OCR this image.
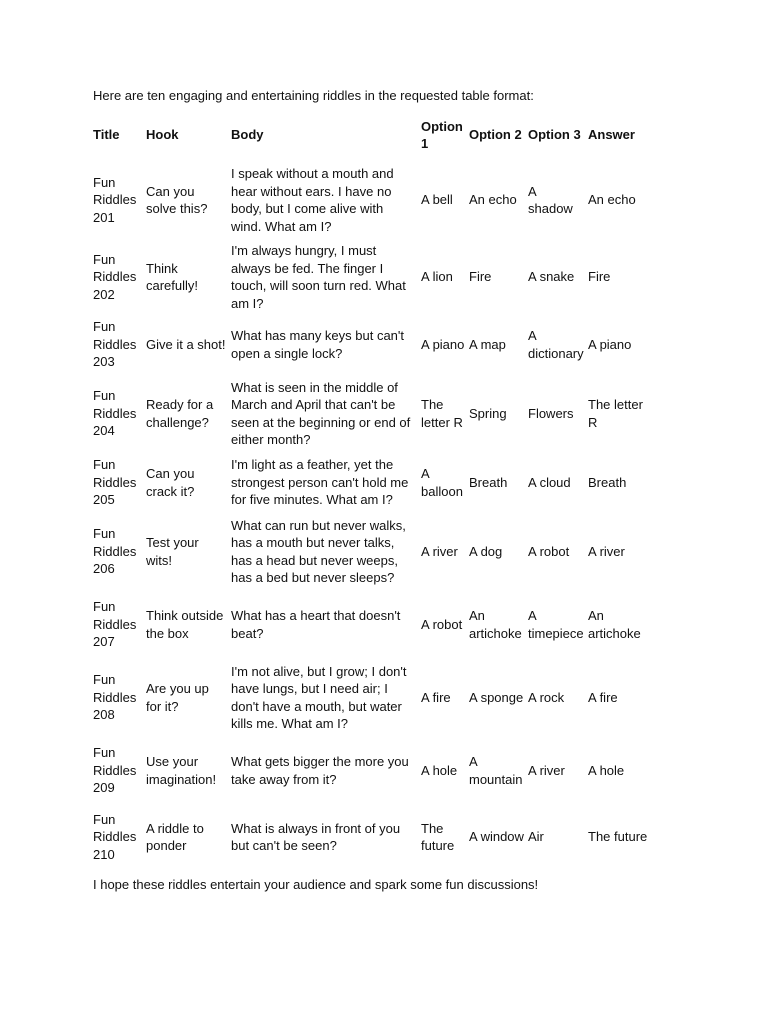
Here are ten engaging and entertaining riddles in the requested table format:

Title	Hook	Body	Option 1	Option 2	Option 3	Answer
Fun Riddles 201	Can you solve this?	I speak without a mouth and hear without ears. I have no body, but I come alive with wind. What am I?	A bell	An echo	A shadow	An echo
Fun Riddles 202	Think carefully!	I'm always hungry, I must always be fed. The finger I touch, will soon turn red. What am I?	A lion	Fire	A snake	Fire
Fun Riddles 203	Give it a shot!	What has many keys but can't open a single lock?	A piano	A map	A dictionary	A piano
Fun Riddles 204	Ready for a challenge?	What is seen in the middle of March and April that can't be seen at the beginning or end of either month?	The letter R	Spring	Flowers	The letter R
Fun Riddles 205	Can you crack it?	I'm light as a feather, yet the strongest person can't hold me for five minutes. What am I?	A balloon	Breath	A cloud	Breath
Fun Riddles 206	Test your wits!	What can run but never walks, has a mouth but never talks, has a head but never weeps, has a bed but never sleeps?	A river	A dog	A robot	A river
Fun Riddles 207	Think outside the box	What has a heart that doesn't beat?	A robot	An artichoke	A timepiece	An artichoke
Fun Riddles 208	Are you up for it?	I'm not alive, but I grow; I don't have lungs, but I need air; I don't have a mouth, but water kills me. What am I?	A fire	A sponge	A rock	A fire
Fun Riddles 209	Use your imagination!	What gets bigger the more you take away from it?	A hole	A mountain	A river	A hole
Fun Riddles 210	A riddle to ponder	What is always in front of you but can't be seen?	The future	A window	Air	The future

I hope these riddles entertain your audience and spark some fun discussions!
